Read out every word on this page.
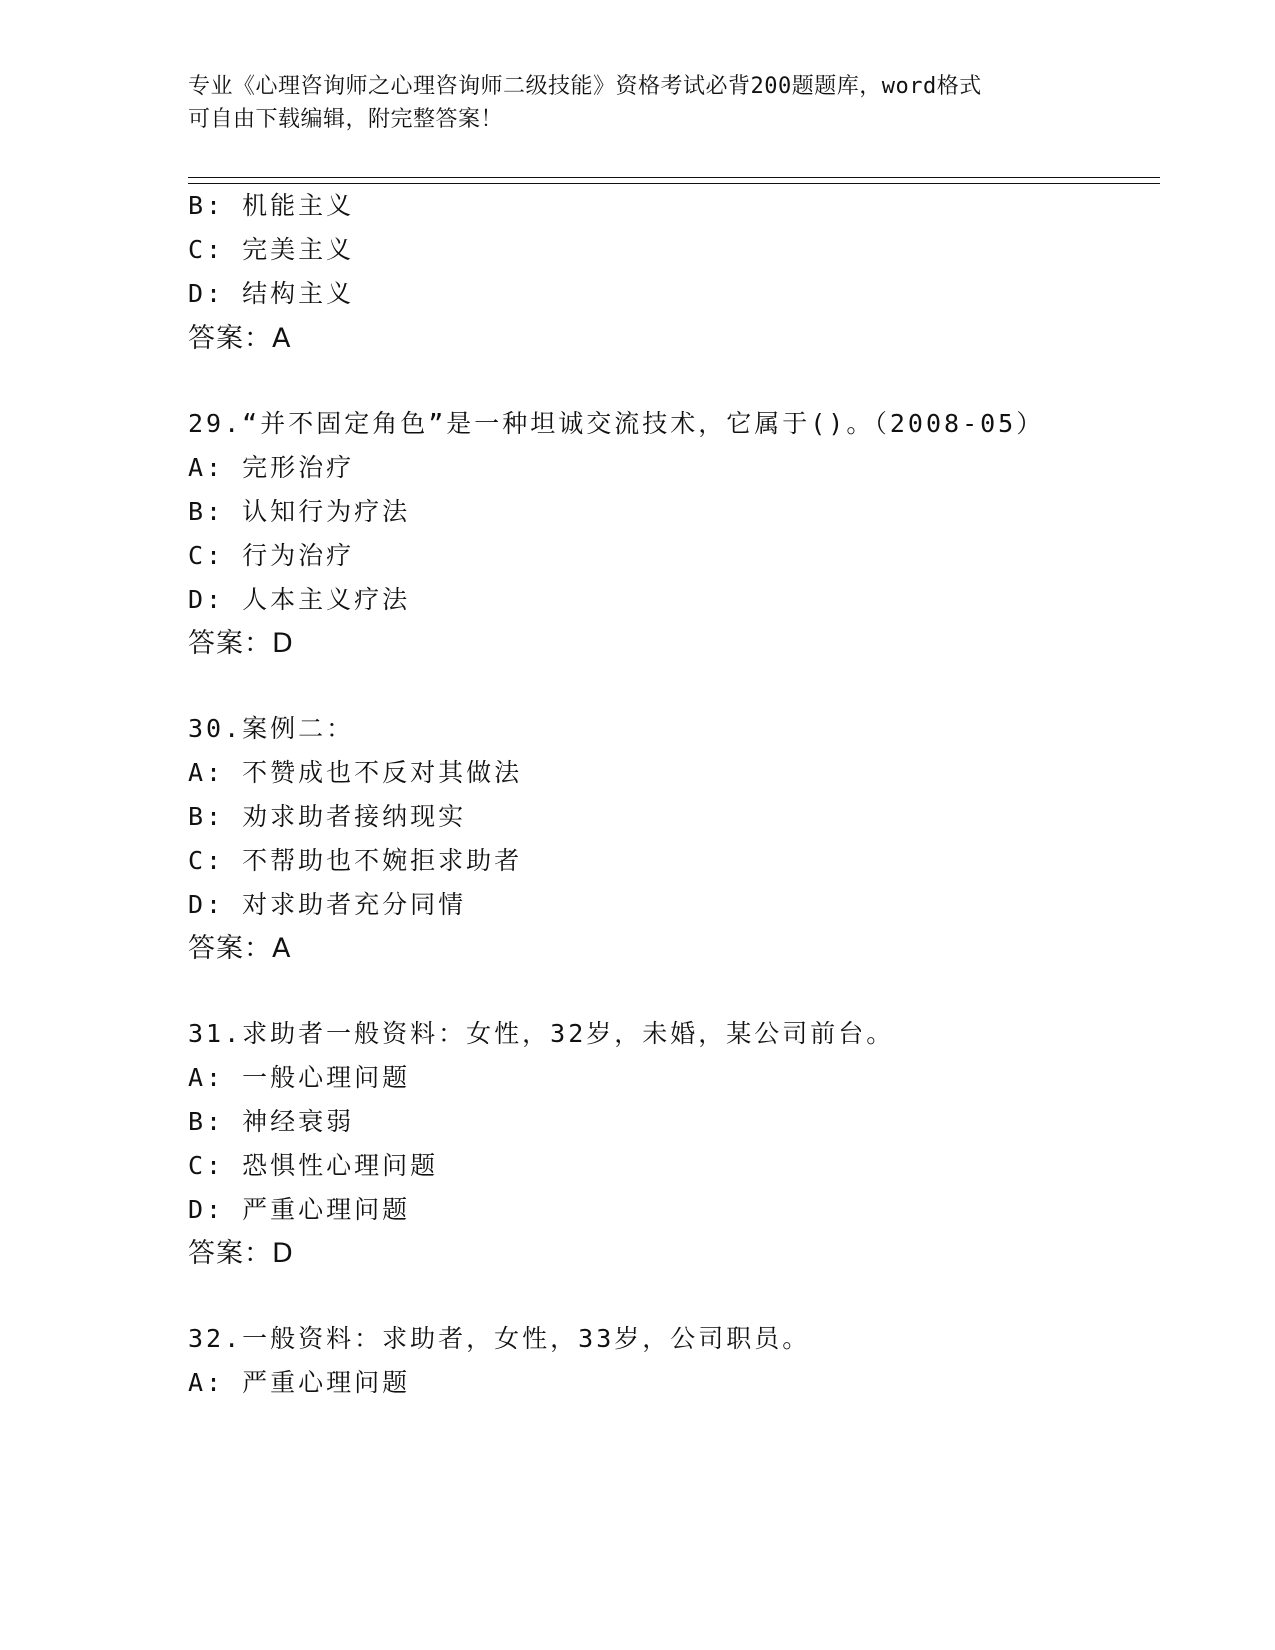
专业《心理咨询师之心理咨询师二级技能》资格考试必背200题题库，word格式
可自由下载编辑，附完整答案！
B: 机能主义
C: 完美主义
D: 结构主义
答案：A
29.“并不固定角色”是一种坦诚交流技术，它属于()。（2008-05）
A: 完形治疗
B: 认知行为疗法
C: 行为治疗
D: 人本主义疗法
答案：D
30.案例二：
A: 不赞成也不反对其做法
B: 劝求助者接纳现实
C: 不帮助也不婉拒求助者
D: 对求助者充分同情
答案：A
31.求助者一般资料：女性，32岁，未婚，某公司前台。
A: 一般心理问题
B: 神经衰弱
C: 恐惧性心理问题
D: 严重心理问题
答案：D
32.一般资料：求助者，女性，33岁，公司职员。
A: 严重心理问题
